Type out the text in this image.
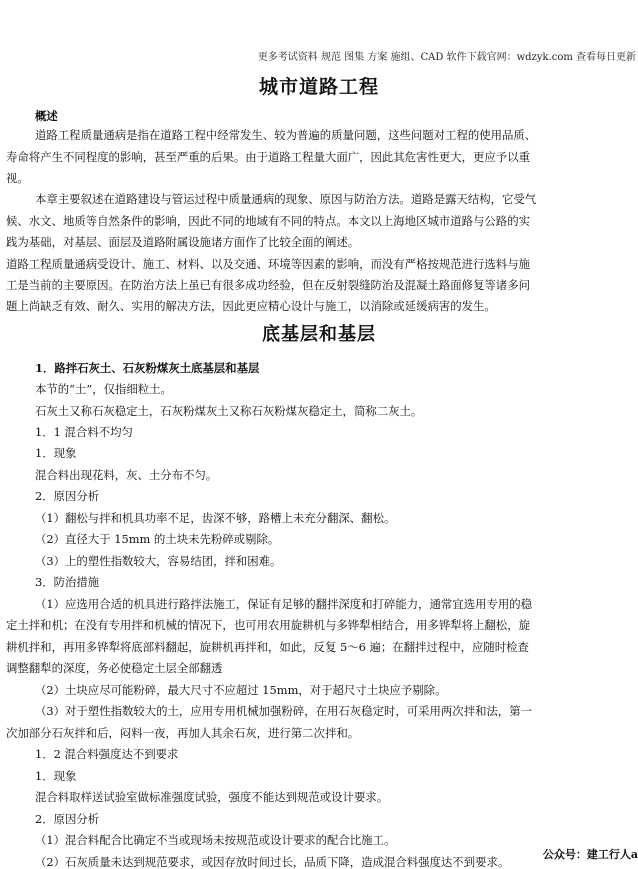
更多考试资料 规范 图集 方案 施组、CAD 软件下载官网：wdzyk.com 查看每日更新
城市道路工程
概述
道路工程质量通病是指在道路工程中经常发生、较为普遍的质量问题，这些问题对工程的使用品质、
寿命将产生不同程度的影响，甚至严重的后果。由于道路工程量大面广，因此其危害性更大，更应予以重
视。
本章主要叙述在道路建设与管运过程中质量通病的现象、原因与防治方法。道路是露天结构，它受气
候、水文、地质等自然条件的影响，因此不同的地域有不同的特点。本文以上海地区城市道路与公路的实
践为基础，对基层、面层及道路附属设施诸方面作了比较全面的阐述。
道路工程质量通病受设计、施工、材料、以及交通、环境等因素的影响，而没有严格按规范进行选料与施
工是当前的主要原因。在防治方法上虽已有很多成功经验，但在反射裂缝防治及混凝土路面修复等诸多问
题上尚缺乏有效、耐久、实用的解决方法，因此更应精心设计与施工，以消除或延缓病害的发生。
底基层和基层
1．路拌石灰土、石灰粉煤灰土底基层和基层
本节的“土”，仅指细粒土。
石灰土又称石灰稳定土，石灰粉煤灰土又称石灰粉煤灰稳定土，简称二灰土。
1．1 混合料不均匀
1．现象
混合料出现花料，灰、土分布不匀。
2．原因分析
（1）翻松与拌和机具功率不足，齿深不够，路槽上未充分翻深、翻松。
（2）直径大于 15mm 的土块未先粉碎或剔除。
（3）上的塑性指数较大，容易结团，拌和困难。
3．防治措施
（1）应选用合适的机具进行路拌法施工，保证有足够的翻拌深度和打碎能力，通常宜选用专用的稳
定土拌和机；在没有专用拌和机械的情况下，也可用农用旋耕机与多铧犁相结合，用多铧犁将上翻松，旋
耕机拌和，再用多铧犁将底部料翻起，旋耕机再拌和，如此，反复 5～6 遍；在翻拌过程中，应随时检查
调整翻犁的深度，务必使稳定土层全部翻透
（2）土块应尽可能粉碎，最大尺寸不应超过 15mm，对于超尺寸土块应予剔除。
（3）对于塑性指数较大的土，应用专用机械加强粉碎，在用石灰稳定时，可采用两次拌和法，第一
次加部分石灰拌和后，闷料一夜，再加人其余石灰，进行第二次拌和。
1．2 混合料强度达不到要求
1．现象
混合料取样送试验室做标准强度试验，强度不能达到规范或设计要求。
2．原因分析
（1）混合料配合比确定不当或现场未按规范或设计要求的配合比施工。
（2）石灰质量未达到规范要求，或因存放时间过长，品质下降，造成混合料强度达不到要求。
公众号：建工行人a
